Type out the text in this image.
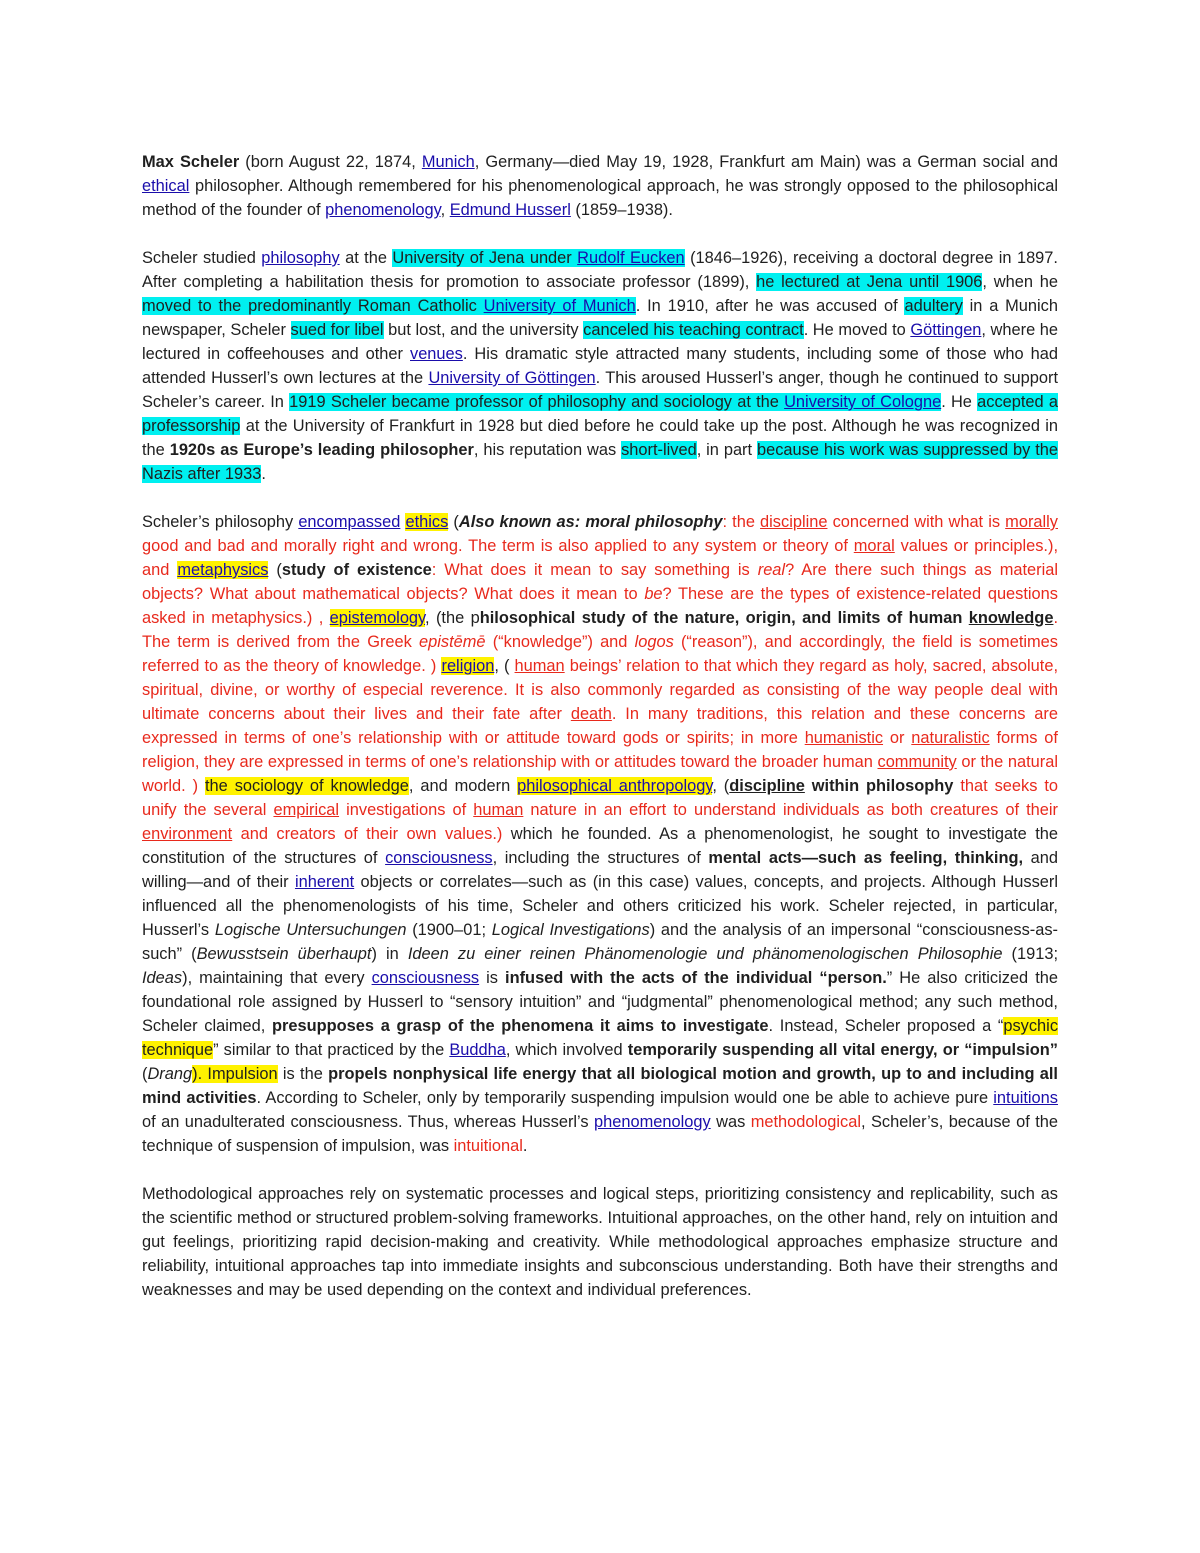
Max Scheler (born August 22, 1874, Munich, Germany—died May 19, 1928, Frankfurt am Main) was a German social and ethical philosopher. Although remembered for his phenomenological approach, he was strongly opposed to the philosophical method of the founder of phenomenology, Edmund Husserl (1859–1938).

Scheler studied philosophy at the University of Jena under Rudolf Eucken (1846–1926), receiving a doctoral degree in 1897. After completing a habilitation thesis for promotion to associate professor (1899), he lectured at Jena until 1906, when he moved to the predominantly Roman Catholic University of Munich. In 1910, after he was accused of adultery in a Munich newspaper, Scheler sued for libel but lost, and the university canceled his teaching contract. He moved to Göttingen, where he lectured in coffeehouses and other venues. His dramatic style attracted many students, including some of those who had attended Husserl’s own lectures at the University of Göttingen. This aroused Husserl’s anger, though he continued to support Scheler’s career. In 1919 Scheler became professor of philosophy and sociology at the University of Cologne. He accepted a professorship at the University of Frankfurt in 1928 but died before he could take up the post. Although he was recognized in the 1920s as Europe’s leading philosopher, his reputation was short-lived, in part because his work was suppressed by the Nazis after 1933.

Scheler’s philosophy encompassed ethics (Also known as: moral philosophy: the discipline concerned with what is morally good and bad and morally right and wrong. The term is also applied to any system or theory of moral values or principles.), and metaphysics (study of existence: What does it mean to say something is real? Are there such things as material objects? What about mathematical objects? What does it mean to be? These are the types of existence-related questions asked in metaphysics.) , epistemology, (the philosophical study of the nature, origin, and limits of human knowledge. The term is derived from the Greek epistēmē (“knowledge”) and logos (“reason”), and accordingly, the field is sometimes referred to as the theory of knowledge. ) religion, ( human beings’ relation to that which they regard as holy, sacred, absolute, spiritual, divine, or worthy of especial reverence. It is also commonly regarded as consisting of the way people deal with ultimate concerns about their lives and their fate after death. In many traditions, this relation and these concerns are expressed in terms of one’s relationship with or attitude toward gods or spirits; in more humanistic or naturalistic forms of religion, they are expressed in terms of one’s relationship with or attitudes toward the broader human community or the natural world. ) the sociology of knowledge, and modern philosophical anthropology, (discipline within philosophy that seeks to unify the several empirical investigations of human nature in an effort to understand individuals as both creatures of their environment and creators of their own values.) which he founded. As a phenomenologist, he sought to investigate the constitution of the structures of consciousness, including the structures of mental acts—such as feeling, thinking, and willing—and of their inherent objects or correlates—such as (in this case) values, concepts, and projects. Although Husserl influenced all the phenomenologists of his time, Scheler and others criticized his work. Scheler rejected, in particular, Husserl’s Logische Untersuchungen (1900–01; Logical Investigations) and the analysis of an impersonal “consciousness-as-such” (Bewusstsein überhaupt) in Ideen zu einer reinen Phänomenologie und phänomenologischen Philosophie (1913; Ideas), maintaining that every consciousness is infused with the acts of the individual “person.” He also criticized the foundational role assigned by Husserl to “sensory intuition” and “judgmental” phenomenological method; any such method, Scheler claimed, presupposes a grasp of the phenomena it aims to investigate. Instead, Scheler proposed a “psychic technique” similar to that practiced by the Buddha, which involved temporarily suspending all vital energy, or “impulsion” (Drang). Impulsion is the propels nonphysical life energy that all biological motion and growth, up to and including all mind activities. According to Scheler, only by temporarily suspending impulsion would one be able to achieve pure intuitions of an unadulterated consciousness. Thus, whereas Husserl’s phenomenology was methodological, Scheler’s, because of the technique of suspension of impulsion, was intuitional.

Methodological approaches rely on systematic processes and logical steps, prioritizing consistency and replicability, such as the scientific method or structured problem-solving frameworks. Intuitional approaches, on the other hand, rely on intuition and gut feelings, prioritizing rapid decision-making and creativity. While methodological approaches emphasize structure and reliability, intuitional approaches tap into immediate insights and subconscious understanding. Both have their strengths and weaknesses and may be used depending on the context and individual preferences.
